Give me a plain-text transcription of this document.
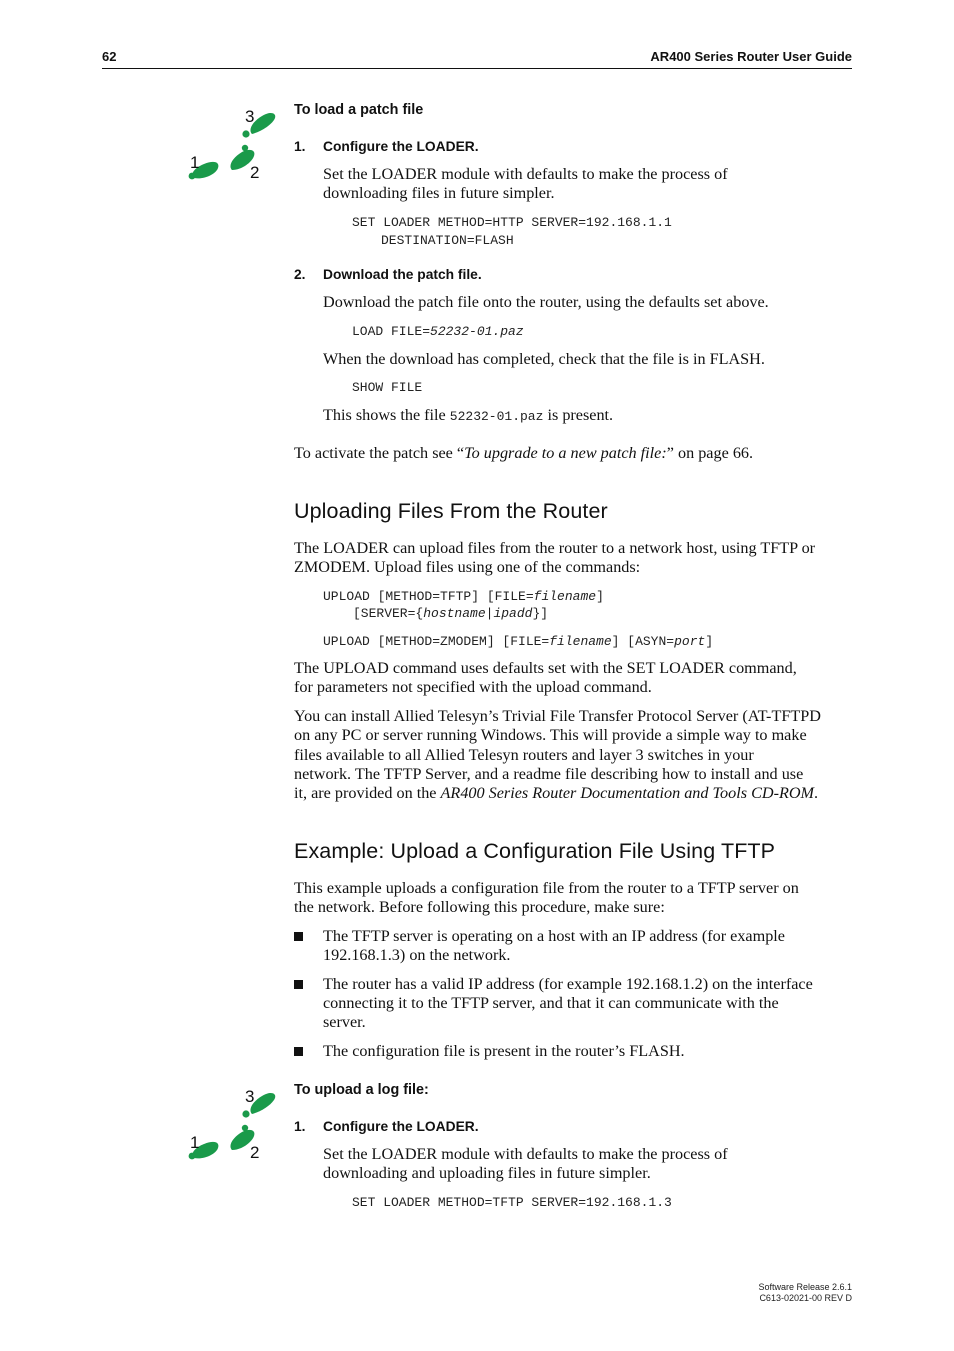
62	AR400 Series Router User Guide
3
1
2
To load a patch file
1. Configure the LOADER.
Set the LOADER module with defaults to make the process of
downloading files in future simpler.
SET LOADER METHOD=HTTP SERVER=192.168.1.1
DESTINATION=FLASH
2. Download the patch file.
Download the patch file onto the router, using the defaults set above.
LOAD FILE=52232-01.paz
When the download has completed, check that the file is in FLASH.
SHOW FILE
This shows the file 52232-01.paz is present.
To activate the patch see “To upgrade to a new patch file:” on page 66.
Uploading Files From the Router
The LOADER can upload files from the router to a network host, using TFTP or
ZMODEM. Upload files using one of the commands:
UPLOAD [METHOD=TFTP] [FILE=filename]
[SERVER={hostname|ipadd}]
UPLOAD [METHOD=ZMODEM] [FILE=filename] [ASYN=port]
The UPLOAD command uses defaults set with the SET LOADER command,
for parameters not specified with the upload command.
You can install Allied Telesyn’s Trivial File Transfer Protocol Server (AT-TFTPD
on any PC or server running Windows. This will provide a simple way to make
files available to all Allied Telesyn routers and layer 3 switches in your
network. The TFTP Server, and a readme file describing how to install and use
it, are provided on the AR400 Series Router Documentation and Tools CD-ROM.
Example: Upload a Configuration File Using TFTP
This example uploads a configuration file from the router to a TFTP server on
the network. Before following this procedure, make sure:
The TFTP server is operating on a host with an IP address (for example
192.168.1.3) on the network.
The router has a valid IP address (for example 192.168.1.2) on the interface
connecting it to the TFTP server, and that it can communicate with the
server.
The configuration file is present in the router’s FLASH.
3
1
2
To upload a log file:
1. Configure the LOADER.
Set the LOADER module with defaults to make the process of
downloading and uploading files in future simpler.
SET LOADER METHOD=TFTP SERVER=192.168.1.3
Software Release 2.6.1
C613-02021-00 REV D
